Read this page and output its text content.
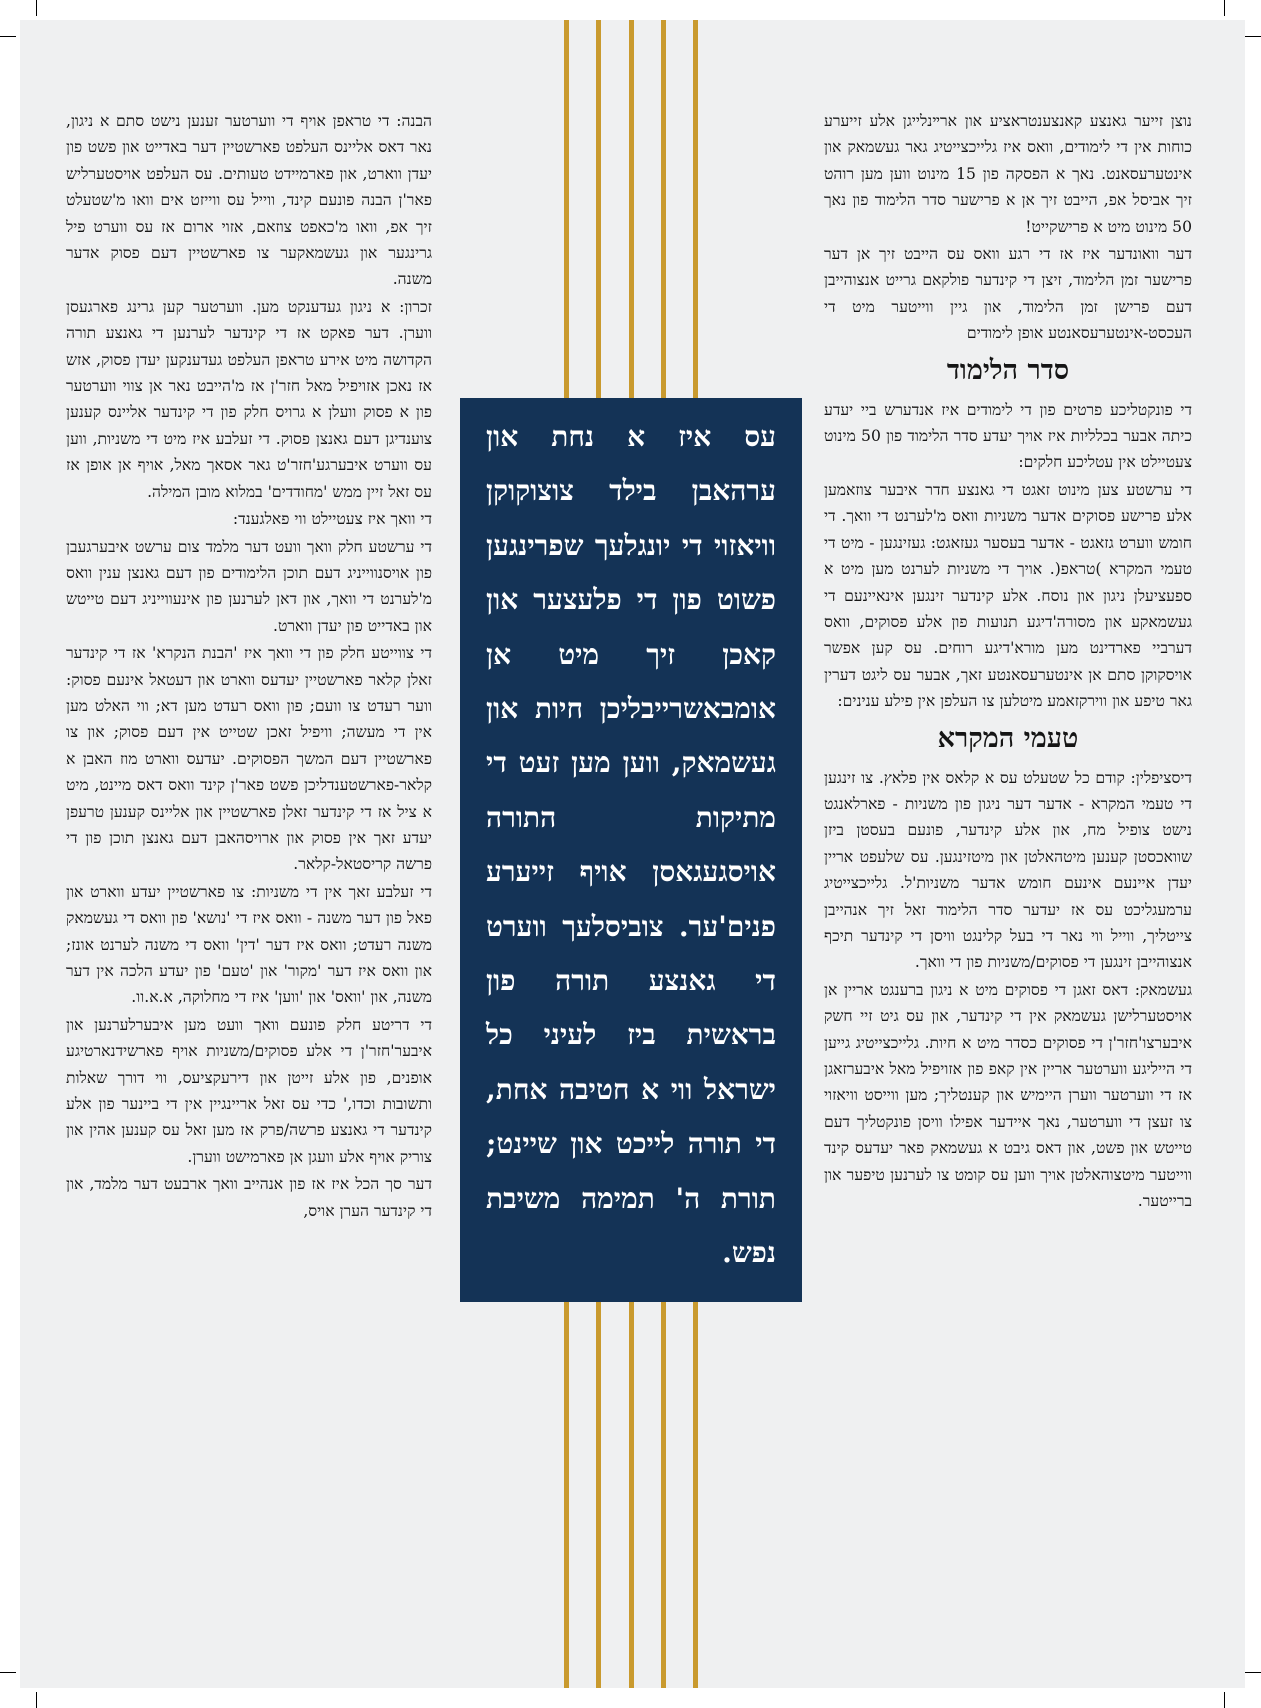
עס איז א נחת און ערהאבן בילד צוצוקוקן וויאזוי די יונגלעך שפרינגען פשוט פון די פלעצער און קאכן זיך מיט אן אומבאשרייבליכן חיות און געשמאק, ווען מען זעט די מתיקות התורה אויסגעגאסן אויף זייערע פנים'ער. צוביסלעך ווערט די גאנצע תורה פון בראשית ביז לעיני כל ישראל ווי א חטיבה אחת, די תורה לייכט און שיינט; תורת ה' תמימה משיבת נפש.

נוצן זייער גאנצע קאנצענטראציע און ארײנלייגן אלע זייערע כוחות אין די לימודים, וואס איז גלייכצייטיג גאר געשמאק און אינטערעסאנט. נאך א הפסקה פון 15 מינוט ווען מען רוהט זיך אביסל אפ, הייבט זיך אן א פרישער סדר הלימוד פון נאך 50 מינוט מיט א פרישקייט!

דער וואונדער איז אז די רגע וואס עס הייבט זיך אן דער פרישער זמן הלימוד, זיצן די קינדער פולקאם גרייט אנצוהייבן דעם פרישן זמן הלימוד, און גיין ווייטער מיט די העכסט-אינטערעסאנטע אופן לימודים

סדר הלימוד

די פונקטליכע פרטים פון די לימודים איז אנדערש ביי יעדע כיתה אבער בכלליות איז אויך יעדע סדר הלימוד פון 50 מינוט צעטיילט אין עטליכע חלקים:

די ערשטע צען מינוט זאגט די גאנצע חדר איבער צוזאמען אלע פרישע פסוקים אדער משניות וואס מ'לערנט די וואך. די חומש ווערט גזאגט - אדער בעסער געזאגט: געזינגען - מיט די טעמי המקרא )טראפ(. אויך די משניות לערנט מען מיט א ספעציעלן ניגון און נוסח. אלע קינדער זינגען אינאיינעם די געשמאקע און מסורה'דיגע תנועות פון אלע פסוקים, וואס דערביי פארדינט מען מורא'דיגע רוחים. עס קען אפשר אויסקוקן סתם אן אינטערעסאנטע זאך, אבער עס ליגט דערין גאר טיפע און ווירקזאמע מיטלען צו העלפן אין פילע ענינים:

טעמי המקרא

דיסציפלין: קודם כל שטעלט עס א קלאס אין פלאץ. צו זינגען די טעמי המקרא - אדער דער ניגון פון משניות - פארלאנגט נישט צופיל מח, און אלע קינדער, פונעם בעסטן ביזן שוואכסטן קענען מיטהאלטן און מיטזינגען. עס שלעפט אריין יעדן איינעם אינעם חומש אדער משניות'ל. גלייכצייטיג ערמעגליכט עס אז יעדער סדר הלימוד זאל זיך אנהייבן צייטליך, ווייל ווי נאר די בעל קלינגט וויסן די קינדער תיכף אנצוהייבן זינגען די פסוקים/משניות פון די וואך.

געשמאק: דאס זאגן די פסוקים מיט א ניגון ברענגט אריין אן אויסטערלישן געשמאק אין די קינדער, און עס גיט זיי חשק איבערצו'חזר'ן די פסוקים כסדר מיט א חיות. גלייכצייטיג גייען די הייליגע ווערטער אריין אין קאפ פון אזויפיל מאל איבערזאגן אז די ווערטער ווערן היימיש און קענטליך; מען ווייסט וויאזוי צו זעצן די ווערטער, נאך איידער אפילו וויסן פונקטליך דעם טייטש און פשט, און דאס גיבט א געשמאק פאר יעדעס קינד ווייטער מיטצוהאלטן אויך ווען עס קומט צו לערנען טיפער און ברייטער.

הבנה: די טראפן אויף די ווערטער זענען נישט סתם א ניגון, נאר דאס אליינס העלפט פארשטיין דער באדייט און פשט פון יעדן ווארט, און פארמיידט טעותים. עס העלפט אויסטערליש פאר'ן הבנה פונעם קינד, ווייל עס ווייזט אים וואו מ'שטעלט זיך אפ, וואו מ'כאפט צוזאם, אזוי ארום אז עס ווערט פיל גרינגער און געשמאקער צו פארשטיין דעם פסוק אדער משנה.

זכרון: א ניגון געדענקט מען. ווערטער קען גרינג פארגעסן ווערן. דער פאקט אז די קינדער לערנען די גאנצע תורה הקדושה מיט אירע טראפן העלפט געדענקען יעדן פסוק, אזש אז נאכן אזויפיל מאל חזר'ן אז מ'הייבט נאר אן צווי ווערטער פון א פסוק וועלן א גרויס חלק פון די קינדער אליינס קענען צוענדיגן דעם גאנצן פסוק. די זעלבע איז מיט די משניות, ווען עס ווערט איבערגע'חזר'ט גאר אסאך מאל, אויף אן אופן אז עס זאל זיין ממש 'מחודדים' במלוא מובן המילה.

די וואך איז צעטיילט ווי פאלגענד:

די ערשטע חלק וואך וועט דער מלמד צום ערשט איבערגעבן פון אויסנווייניג דעם תוכן הלימודים פון דעם גאנצן ענין וואס מ'לערנט די וואך, און דאן לערנען פון אינעווייניג דעם טייטש און באדייט פון יעדן ווארט.

די צווייטע חלק פון די וואך איז 'הבנת הנקרא' אז די קינדער זאלן קלאר פארשטיין יעדעס ווארט און דעטאל אינעם פסוק: ווער רעדט צו וועם; פון וואס רעדט מען דא; ווי האלט מען אין די מעשה; וויפיל זאכן שטייט אין דעם פסוק; און צו פארשטיין דעם המשך הפסוקים. יעדעס ווארט מוז האבן א קלאר-פארשטענדליכן פשט פאר'ן קינד וואס דאס מיינט, מיט א ציל אז די קינדער זאלן פארשטיין און אליינס קענען טרעפן יעדע זאך אין פסוק און ארויסהאבן דעם גאנצן תוכן פון די פרשה קריסטאל-קלאר.

די זעלבע זאך אין די משניות: צו פארשטיין יעדע ווארט און פאל פון דער משנה - וואס איז די 'נושא' פון וואס די געשמאק משנה רעדט; וואס איז דער 'דין' וואס די משנה לערנט אונז; און וואס איז דער 'מקור' און 'טעם' פון יעדע הלכה אין דער משנה, און 'וואס' און 'ווען' איז די מחלוקה, א.א.וו.

די דריטע חלק פונעם וואך וועט מען איבערלערנען און איבער'חזר'ן די אלע פסוקים/משניות אויף פארשידנארטיגע אופנים, פון אלע זייטן און דירעקציעס, ווי דורך שאלות ותשובות וכדו,' כדי עס זאל אריינגיין אין די ביינער פון אלע קינדער די גאנצע פרשה/פרק אז מען זאל עס קענען אהין און צוריק אויף אלע וועגן אן פארמישט ווערן.

דער סך הכל איז אז פון אנהייב וואך ארבעט דער מלמד, און די קינדער הערן אויס,
